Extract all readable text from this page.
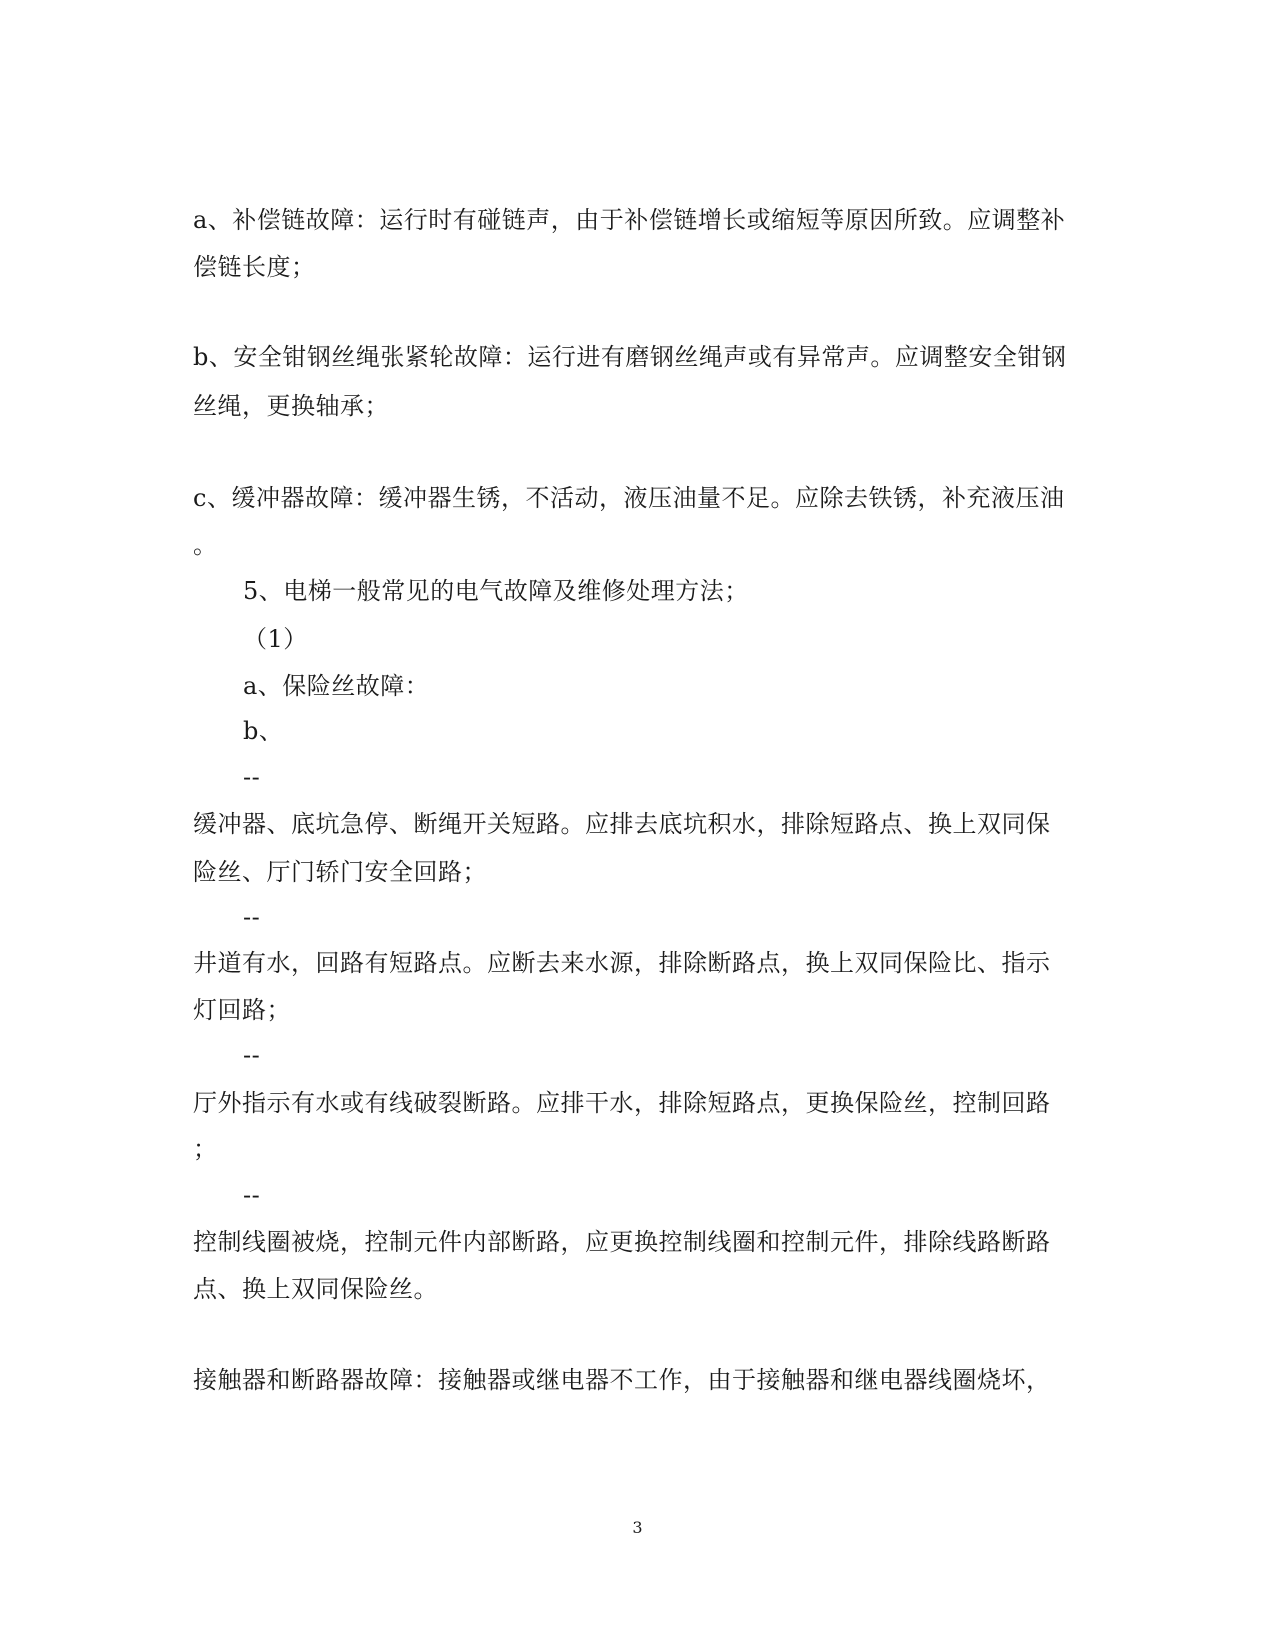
a、补偿链故障：运行时有碰链声，由于补偿链增长或缩短等原因所致。应调整补
偿链长度；
b、安全钳钢丝绳张紧轮故障：运行进有磨钢丝绳声或有异常声。应调整安全钳钢
丝绳，更换轴承；
c、缓冲器故障：缓冲器生锈，不活动，液压油量不足。应除去铁锈，补充液压油
。
5、电梯一般常见的电气故障及维修处理方法；
（1）
a、保险丝故障：
b、
--
缓冲器、底坑急停、断绳开关短路。应排去底坑积水，排除短路点、换上双同保
险丝、厅门轿门安全回路；
--
井道有水，回路有短路点。应断去来水源，排除断路点，换上双同保险比、指示
灯回路；
--
厅外指示有水或有线破裂断路。应排干水，排除短路点，更换保险丝，控制回路
；
--
控制线圈被烧，控制元件内部断路，应更换控制线圈和控制元件，排除线路断路
点、换上双同保险丝。
接触器和断路器故障：接触器或继电器不工作，由于接触器和继电器线圈烧坏，
3
